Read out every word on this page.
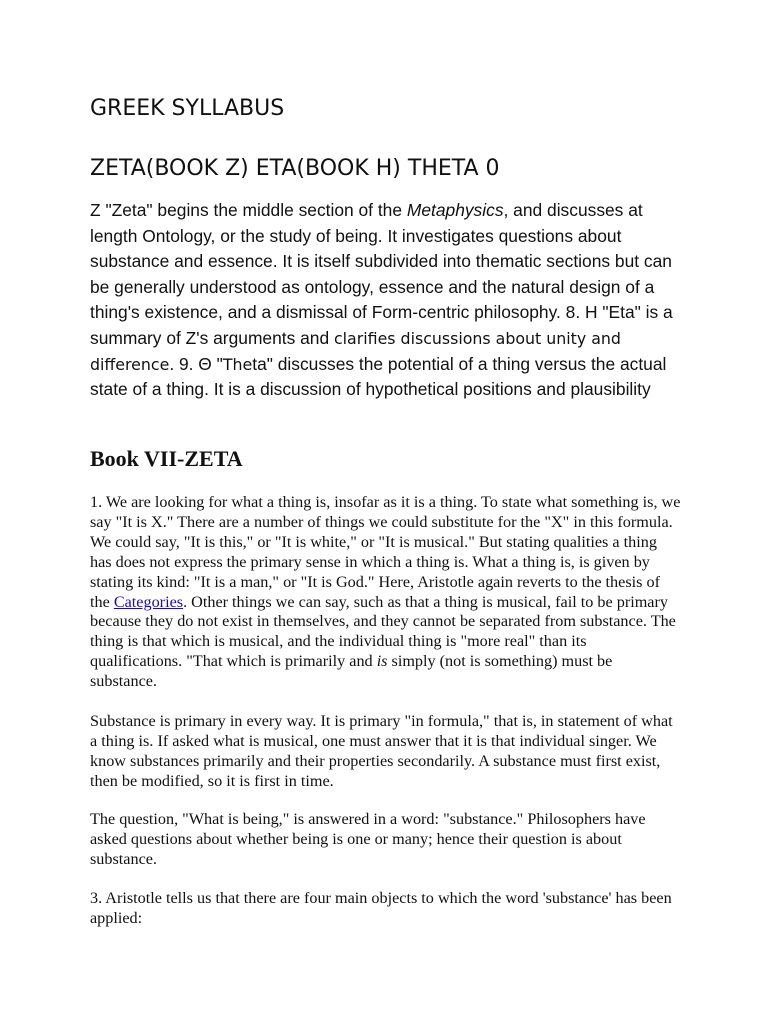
GREEK SYLLABUS
ZETA(BOOK Z) ETA(BOOK H) THETA 0

Z "Zeta" begins the middle section of the Metaphysics, and discusses at length Ontology, or the study of being. It investigates questions about substance and essence. It is itself subdivided into thematic sections but can be generally understood as ontology, essence and the natural design of a thing's existence, and a dismissal of Form-centric philosophy. 8. H "Eta" is a summary of Z's arguments and clarifies discussions about unity and difference. 9. Θ "Theta" discusses the potential of a thing versus the actual state of a thing. It is a discussion of hypothetical positions and plausibility

Book VII-ZETA

1. We are looking for what a thing is, insofar as it is a thing. To state what something is, we say "It is X." There are a number of things we could substitute for the "X" in this formula. We could say, "It is this," or "It is white," or "It is musical." But stating qualities a thing has does not express the primary sense in which a thing is. What a thing is, is given by stating its kind: "It is a man," or "It is God." Here, Aristotle again reverts to the thesis of the Categories. Other things we can say, such as that a thing is musical, fail to be primary because they do not exist in themselves, and they cannot be separated from substance. The thing is that which is musical, and the individual thing is "more real" than its qualifications. "That which is primarily and is simply (not is something) must be substance.

Substance is primary in every way. It is primary "in formula," that is, in statement of what a thing is. If asked what is musical, one must answer that it is that individual singer. We know substances primarily and their properties secondarily. A substance must first exist, then be modified, so it is first in time.

The question, "What is being," is answered in a word: "substance." Philosophers have asked questions about whether being is one or many; hence their question is about substance.

3. Aristotle tells us that there are four main objects to which the word 'substance' has been applied:
